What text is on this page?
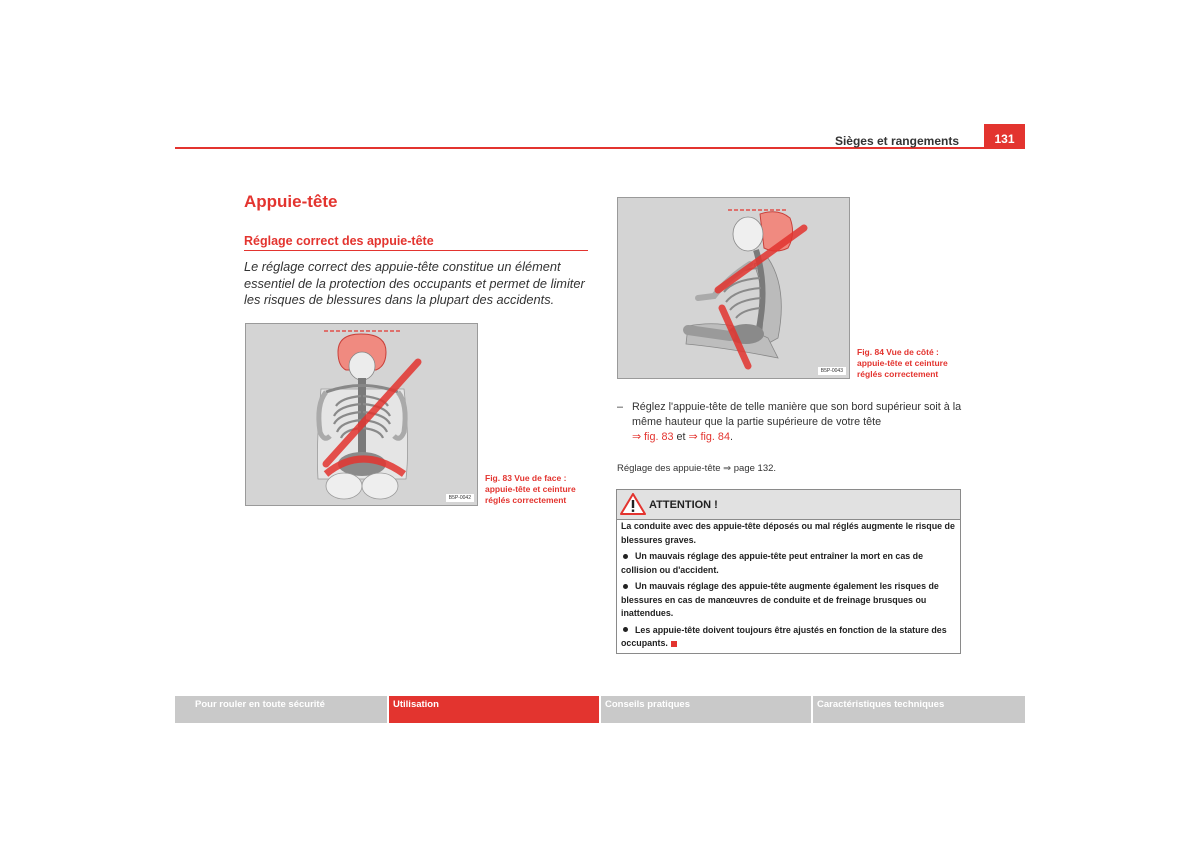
Sièges et rangements	131
Appuie-tête
Réglage correct des appuie-tête
Le réglage correct des appuie-tête constitue un élément essentiel de la protection des occupants et permet de limiter les risques de blessures dans la plupart des accidents.
B5P-0042
Fig. 83 Vue de face :
appuie-tête et ceinture
réglés correctement
B5P-0043
Fig. 84 Vue de côté :
appuie-tête et ceinture
réglés correctement
– Réglez l'appuie-tête de telle manière que son bord supérieur soit à la même hauteur que la partie supérieure de votre tête
⇒ fig. 83 et ⇒ fig. 84.
Réglage des appuie-tête ⇒ page 132.
ATTENTION !

La conduite avec des appuie-tête déposés ou mal réglés augmente le risque de blessures graves.

Un mauvais réglage des appuie-tête peut entraîner la mort en cas de collision ou d'accident.

Un mauvais réglage des appuie-tête augmente également les risques de blessures en cas de manœuvres de conduite et de freinage brusques ou inattendues.

Les appuie-tête doivent toujours être ajustés en fonction de la stature des occupants.

Pour rouler en toute sécurité	Utilisation	Conseils pratiques	Caractéristiques techniques
